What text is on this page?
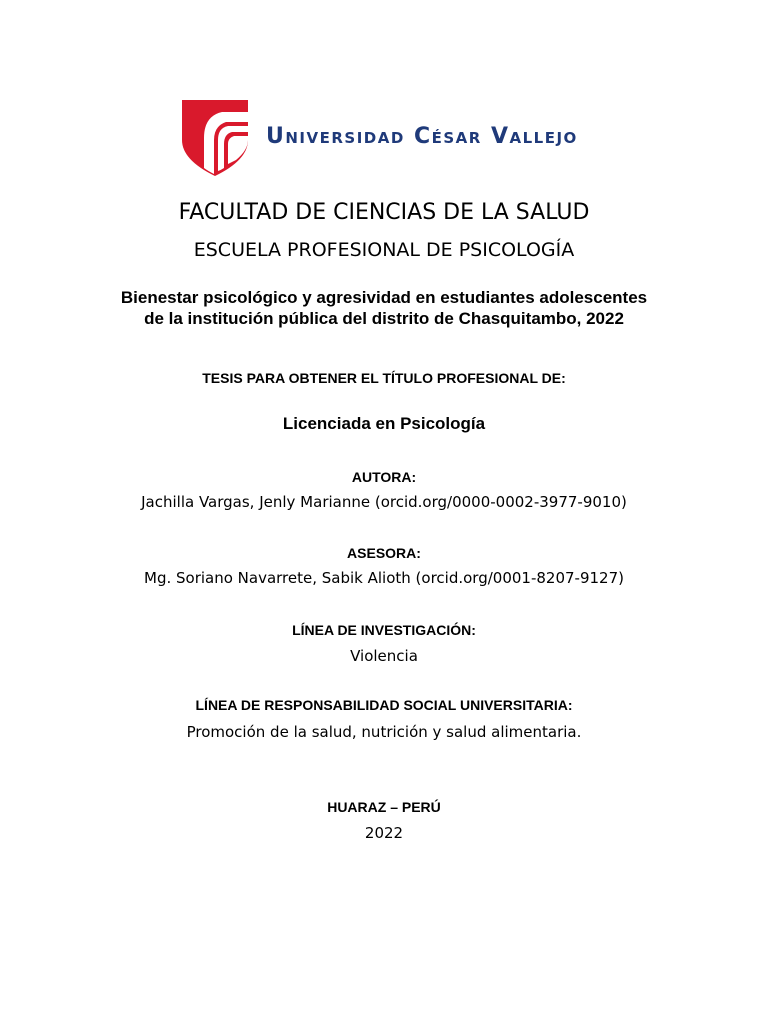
Universidad César Vallejo
FACULTAD DE CIENCIAS DE LA SALUD
ESCUELA PROFESIONAL DE PSICOLOGÍA
Bienestar psicológico y agresividad en estudiantes adolescentes
de la institución pública del distrito de Chasquitambo, 2022
TESIS PARA OBTENER EL TÍTULO PROFESIONAL DE:
Licenciada en Psicología
AUTORA:
Jachilla Vargas, Jenly Marianne (orcid.org/0000-0002-3977-9010)
ASESORA:
Mg. Soriano Navarrete, Sabik Alioth (orcid.org/0001-8207-9127)
LÍNEA DE INVESTIGACIÓN:
Violencia
LÍNEA DE RESPONSABILIDAD SOCIAL UNIVERSITARIA:
Promoción de la salud, nutrición y salud alimentaria.
HUARAZ – PERÚ
2022
